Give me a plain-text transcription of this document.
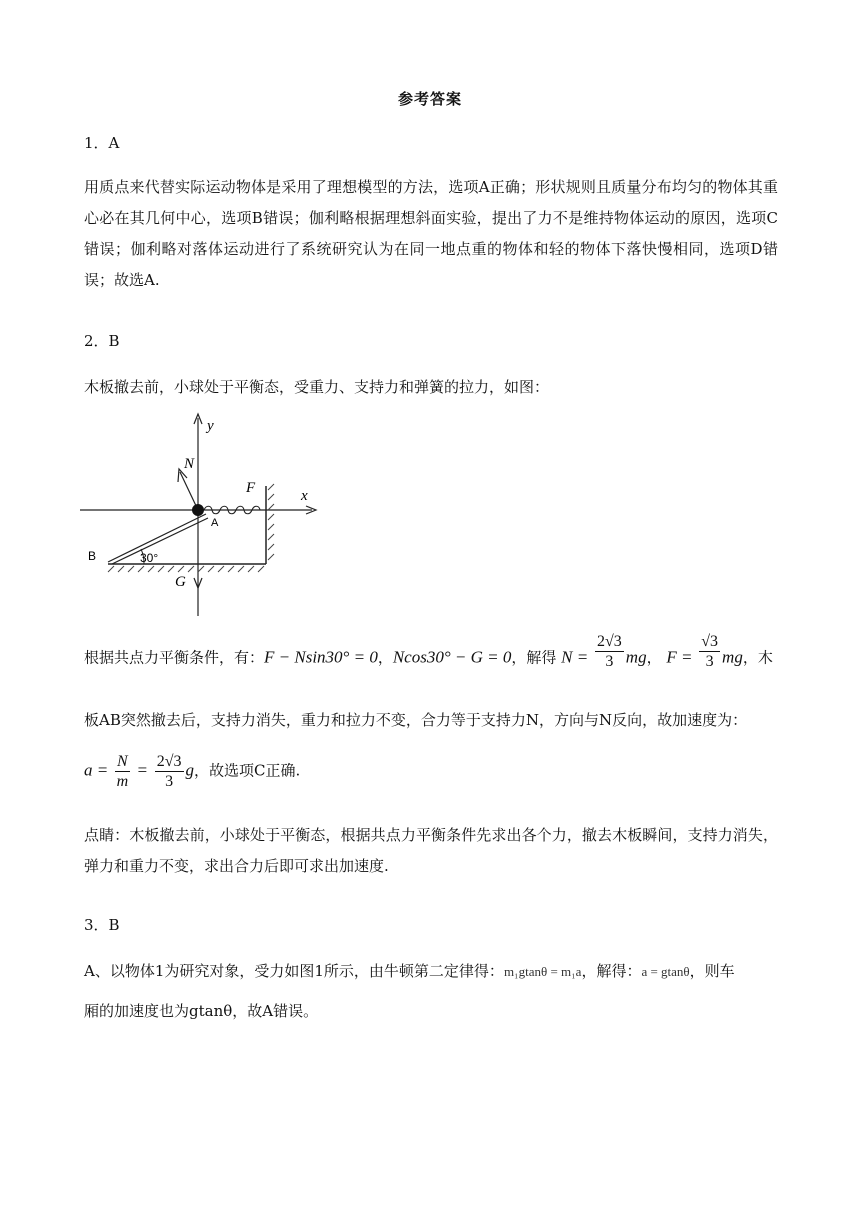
参考答案
1．A

用质点来代替实际运动物体是采用了理想模型的方法，选项A正确；形状规则且质量分布均匀的物体其重心必在其几何中心，选项B错误；伽利略根据理想斜面实验，提出了力不是维持物体运动的原因，选项C错误；伽利略对落体运动进行了系统研究认为在同一地点重的物体和轻的物体下落快慢相同，选项D错误；故选A.

2．B
木板撤去前，小球处于平衡态，受重力、支持力和弹簧的拉力，如图：
y
x
N
F
A
B
G
30°
根据共点力平衡条件，有：F − Nsin30° = 0，Ncos30° − G = 0，解得 $N = \frac{2√3}{3}$ mg， $F = \frac{√3}{3}$ mg，木
板AB突然撤去后，支持力消失，重力和拉力不变，合力等于支持力N，方向与N反向，故加速度为：
$a = \frac{N}{m} = \frac{2√3}{3}$ g，故选项C正确.

点睛：木板撤去前，小球处于平衡态，根据共点力平衡条件先求出各个力，撤去木板瞬间，支持力消失，弹力和重力不变，求出合力后即可求出加速度.

3．B
A、以物体1为研究对象，受力如图1所示，由牛顿第二定律得：m₁gtanθ = m₁a，解得：a = gtanθ，则车
厢的加速度也为gtanθ，故A错误。
